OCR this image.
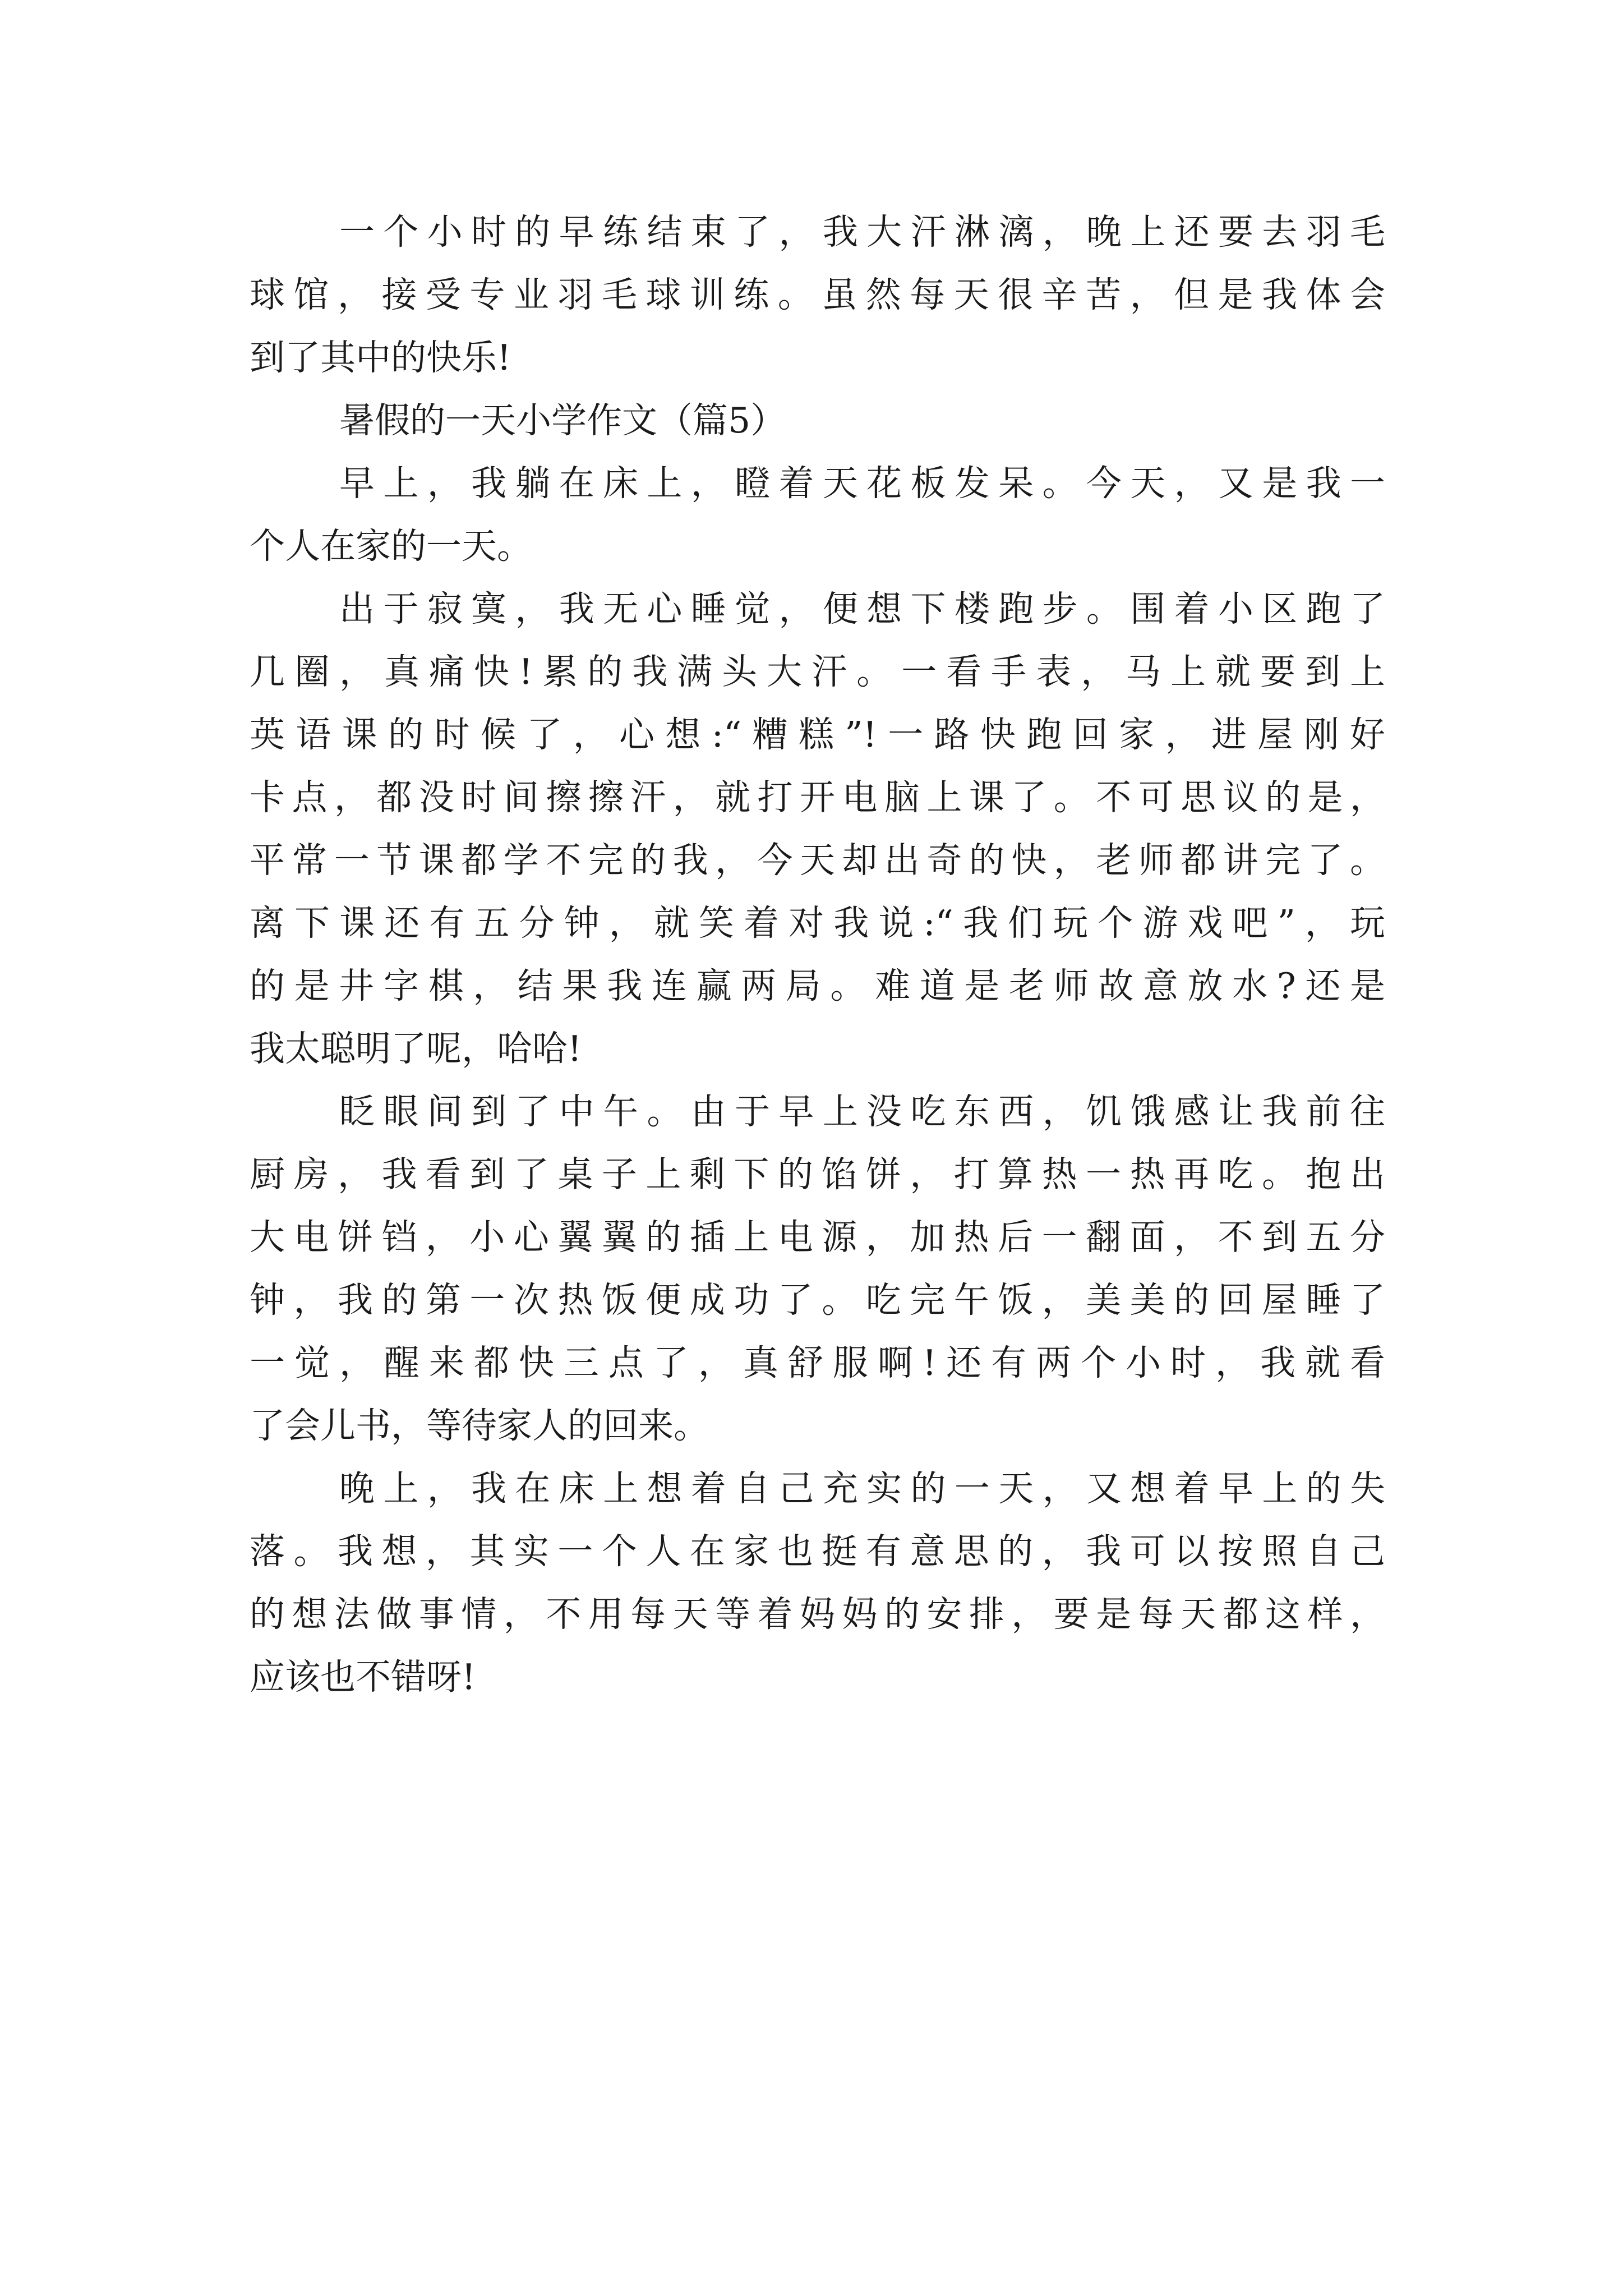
一个小时的早练结束了，我大汗淋漓，晚上还要去羽毛
球馆，接受专业羽毛球训练。虽然每天很辛苦，但是我体会
到了其中的快乐!
暑假的一天小学作文（篇5）
早上，我躺在床上，瞪着天花板发呆。今天，又是我一
个人在家的一天。
出于寂寞，我无心睡觉，便想下楼跑步。围着小区跑了
几圈，真痛快!累的我满头大汗。一看手表，马上就要到上
英语课的时候了，心想:“糟糕”!一路快跑回家，进屋刚好
卡点，都没时间擦擦汗，就打开电脑上课了。不可思议的是，
平常一节课都学不完的我，今天却出奇的快，老师都讲完了。
离下课还有五分钟，就笑着对我说:“我们玩个游戏吧”，玩
的是井字棋，结果我连赢两局。难道是老师故意放水?还是
我太聪明了呢，哈哈!
眨眼间到了中午。由于早上没吃东西，饥饿感让我前往
厨房，我看到了桌子上剩下的馅饼，打算热一热再吃。抱出
大电饼铛，小心翼翼的插上电源，加热后一翻面，不到五分
钟，我的第一次热饭便成功了。吃完午饭，美美的回屋睡了
一觉，醒来都快三点了，真舒服啊!还有两个小时，我就看
了会儿书，等待家人的回来。
晚上，我在床上想着自己充实的一天，又想着早上的失
落。我想，其实一个人在家也挺有意思的，我可以按照自己
的想法做事情，不用每天等着妈妈的安排，要是每天都这样，
应该也不错呀!
